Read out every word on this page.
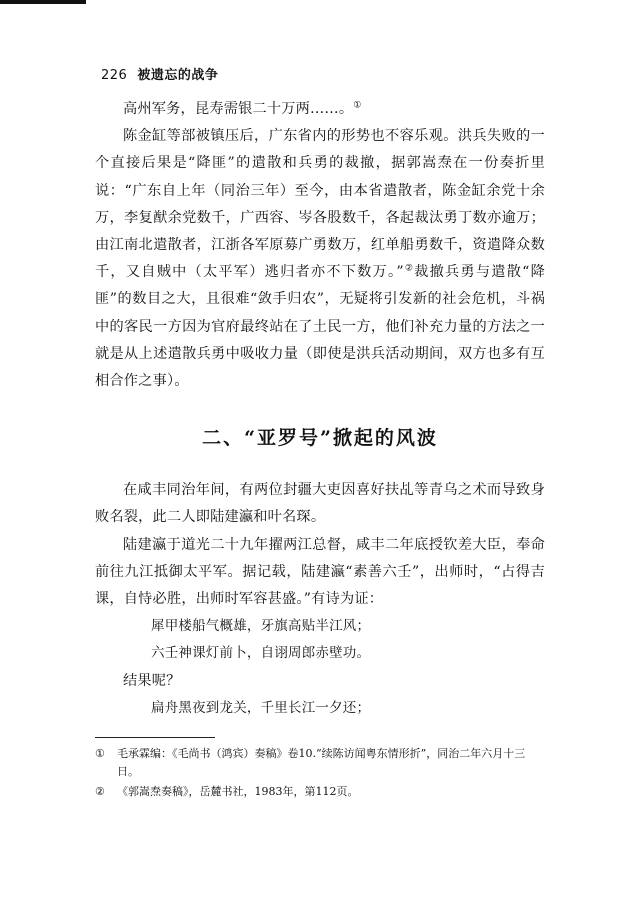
226 被遗忘的战争

高州军务，昆寿需银二十万两……。①

陈金缸等部被镇压后，广东省内的形势也不容乐观。洪兵失败的一个直接后果是“降匪”的遣散和兵勇的裁撤，据郭嵩焘在一份奏折里说：“广东自上年（同治三年）至今，由本省遣散者，陈金缸余党十余万，李复猷余党数千，广西容、岑各股数千，各起裁汰勇丁数亦逾万；由江南北遣散者，江浙各军原募广勇数万，红单船勇数千，资遣降众数千，又自贼中（太平军）逃归者亦不下数万。”②裁撤兵勇与遣散“降匪”的数目之大，且很难“敛手归农”，无疑将引发新的社会危机，斗祸中的客民一方因为官府最终站在了土民一方，他们补充力量的方法之一就是从上述遣散兵勇中吸收力量（即使是洪兵活动期间，双方也多有互相合作之事）。

二、“亚罗号”掀起的风波

在咸丰同治年间，有两位封疆大吏因喜好扶乩等青乌之术而导致身败名裂，此二人即陆建瀛和叶名琛。

陆建瀛于道光二十九年擢两江总督，咸丰二年底授钦差大臣，奉命前往九江抵御太平军。据记载，陆建瀛“素善六壬”，出师时，“占得吉课，自恃必胜，出师时军容甚盛。”有诗为证：

犀甲楼船气概雄，牙旗高贴半江风；

六壬神课灯前卜，自诩周郎赤壁功。

结果呢？

扁舟黑夜到龙关，千里长江一夕还；

①	毛承霖编：《毛尚书（鸿宾）奏稿》卷10.“续陈访闻粤东情形折”，同治二年六月十三日。
②	《郭嵩焘奏稿》，岳麓书社，1983年，第112页。
